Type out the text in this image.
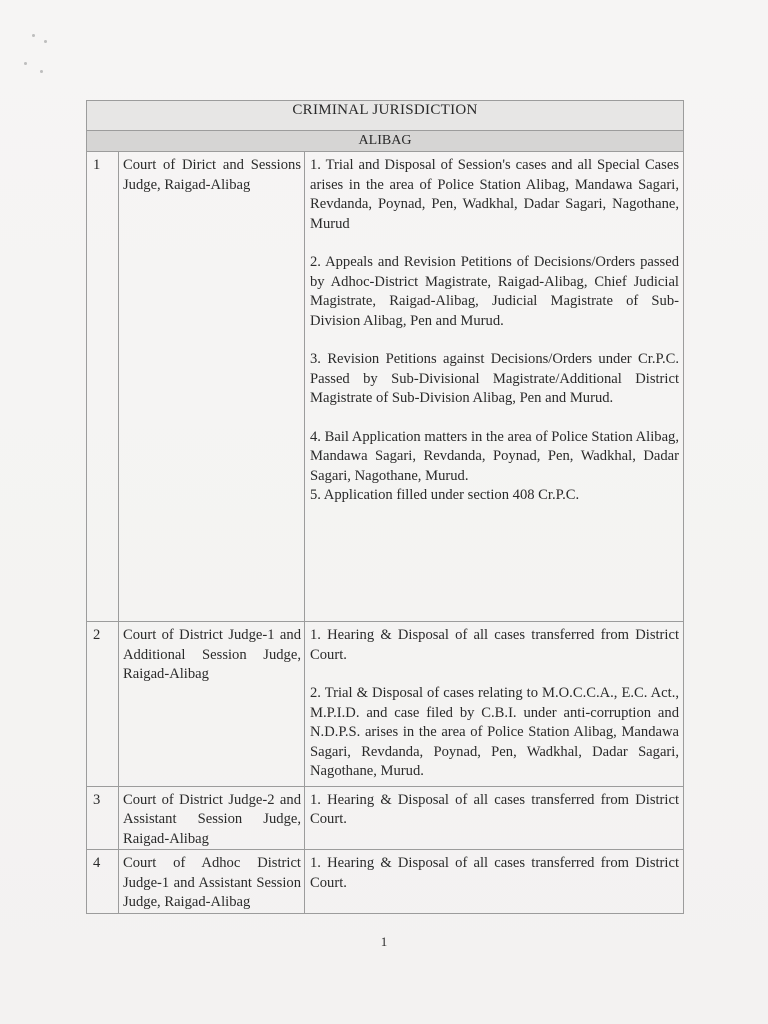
CRIMINAL JURISDICTION		
ALIBAG		
1	Court of Dirict and Sessions Judge, Raigad-Alibag	1. Trial and Disposal of Session's cases and all Special Cases arises in the area of Police Station Alibag, Mandawa Sagari, Revdanda, Poynad, Pen, Wadkhal, Dadar Sagari, Nagothane, Murud

2. Appeals and Revision Petitions of Decisions/Orders passed by Adhoc-District Magistrate, Raigad-Alibag, Chief Judicial Magistrate, Raigad-Alibag, Judicial Magistrate of Sub-Division Alibag, Pen and Murud.

3. Revision Petitions against Decisions/Orders under Cr.P.C. Passed by Sub-Divisional Magistrate/Additional District Magistrate of Sub-Division Alibag, Pen and Murud.

4. Bail Application matters in the area of Police Station Alibag, Mandawa Sagari, Revdanda, Poynad, Pen, Wadkhal, Dadar Sagari, Nagothane, Murud.

5. Application filled under section 408 Cr.P.C.

2	Court of District Judge-1 and Additional Session Judge, Raigad-Alibag	1. Hearing & Disposal of all cases transferred from District Court.

2. Trial & Disposal of cases relating to M.O.C.C.A., E.C. Act., M.P.I.D. and case filed by C.B.I. under anti-corruption and N.D.P.S. arises in the area of Police Station Alibag, Mandawa Sagari, Revdanda, Poynad, Pen, Wadkhal, Dadar Sagari, Nagothane, Murud.

3	Court of District Judge-2 and Assistant Session Judge, Raigad-Alibag	1. Hearing & Disposal of all cases transferred from District Court.

4	Court of Adhoc District Judge-1 and Assistant Session Judge, Raigad-Alibag	1. Hearing & Disposal of all cases transferred from District Court.

1
